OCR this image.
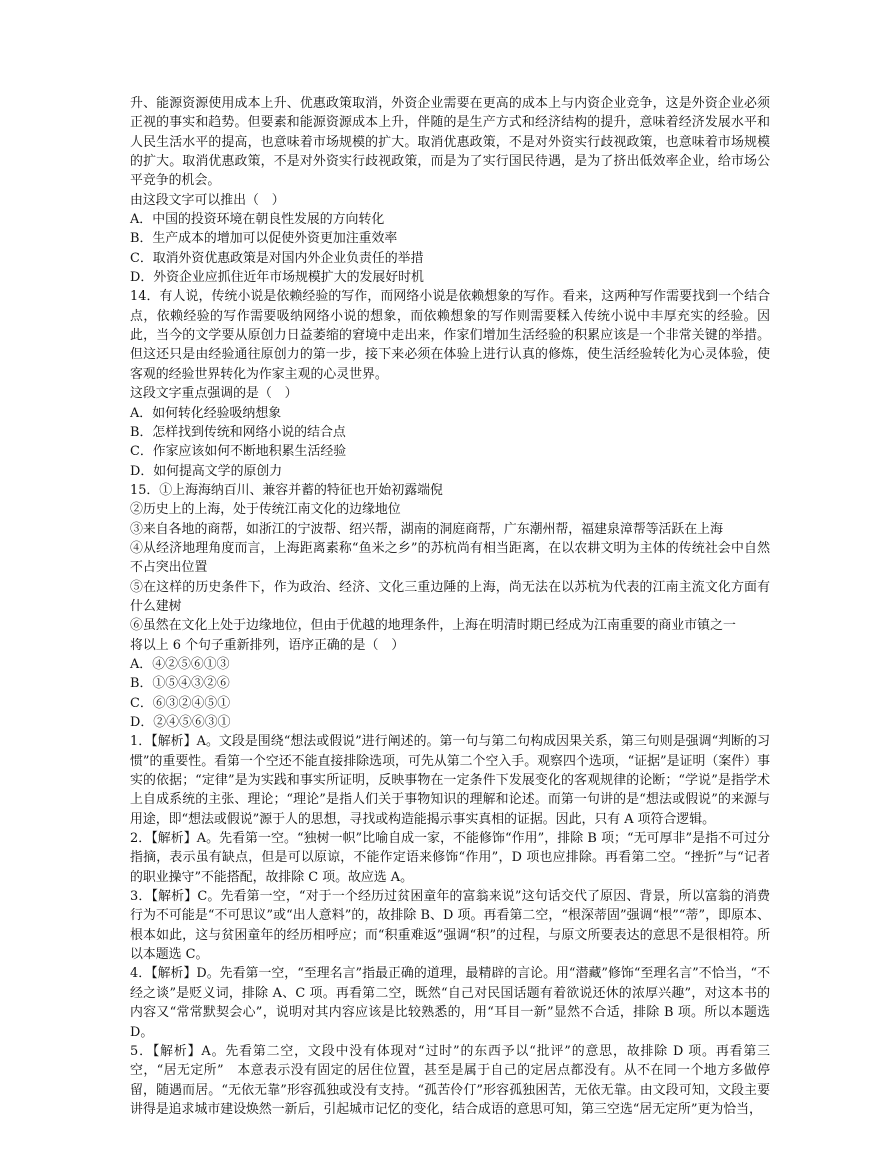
升、能源资源使用成本上升、优惠政策取消，外资企业需要在更高的成本上与内资企业竞争，这是外资企业必须正视的事实和趋势。但要素和能源资源成本上升，伴随的是生产方式和经济结构的提升，意味着经济发展水平和人民生活水平的提高，也意味着市场规模的扩大。取消优惠政策，不是对外资实行歧视政策，也意味着市场规模的扩大。取消优惠政策，不是对外资实行歧视政策，而是为了实行国民待遇，是为了挤出低效率企业，给市场公平竞争的机会。

由这段文字可以推出（　）

A．中国的投资环境在朝良性发展的方向转化

B．生产成本的增加可以促使外资更加注重效率

C．取消外资优惠政策是对国内外企业负责任的举措

D．外资企业应抓住近年市场规模扩大的发展好时机

14．有人说，传统小说是依赖经验的写作，而网络小说是依赖想象的写作。看来，这两种写作需要找到一个结合点，依赖经验的写作需要吸纳网络小说的想象，而依赖想象的写作则需要糅入传统小说中丰厚充实的经验。因此，当今的文学要从原创力日益萎缩的窘境中走出来，作家们增加生活经验的积累应该是一个非常关键的举措。但这还只是由经验通往原创力的第一步，接下来必须在体验上进行认真的修炼，使生活经验转化为心灵体验，使客观的经验世界转化为作家主观的心灵世界。

这段文字重点强调的是（　）

A．如何转化经验吸纳想象

B．怎样找到传统和网络小说的结合点

C．作家应该如何不断地积累生活经验

D．如何提高文学的原创力

15．①上海海纳百川、兼容并蓄的特征也开始初露端倪

②历史上的上海，处于传统江南文化的边缘地位

③来自各地的商帮，如浙江的宁波帮、绍兴帮，湖南的洞庭商帮，广东潮州帮，福建泉漳帮等活跃在上海

④从经济地理角度而言，上海距离素称“鱼米之乡”的苏杭尚有相当距离，在以农耕文明为主体的传统社会中自然不占突出位置

⑤在这样的历史条件下，作为政治、经济、文化三重边陲的上海，尚无法在以苏杭为代表的江南主流文化方面有什么建树

⑥虽然在文化上处于边缘地位，但由于优越的地理条件，上海在明清时期已经成为江南重要的商业市镇之一

将以上 6 个句子重新排列，语序正确的是（　）

A．④②⑤⑥①③

B．①⑤④③②⑥

C．⑥③②④⑤①

D．②④⑤⑥③①

1．【解析】A。文段是围绕“想法或假说”进行阐述的。第一句与第二句构成因果关系，第三句则是强调“判断的习惯”的重要性。看第一个空还不能直接排除选项，可先从第二个空入手。观察四个选项，“证据”是证明（案件）事实的依据；“定律”是为实践和事实所证明，反映事物在一定条件下发展变化的客观规律的论断；“学说”是指学术上自成系统的主张、理论；“理论”是指人们关于事物知识的理解和论述。而第一句讲的是“想法或假说”的来源与用途，即“想法或假说”源于人的思想，寻找或构造能揭示事实真相的证据。因此，只有 A 项符合逻辑。

2．【解析】A。先看第一空。“独树一帜”比喻自成一家，不能修饰“作用”，排除 B 项；“无可厚非”是指不可过分指摘，表示虽有缺点，但是可以原谅，不能作定语来修饰“作用”，D 项也应排除。再看第二空。“挫折”与“记者的职业操守”不能搭配，故排除 C 项。故应选 A。

3．【解析】C。先看第一空，“对于一个经历过贫困童年的富翁来说”这句话交代了原因、背景，所以富翁的消费行为不可能是“不可思议”或“出人意料”的，故排除 B、D 项。再看第二空，“根深蒂固”强调“根”“蒂”，即原本、根本如此，这与贫困童年的经历相呼应；而“积重难返”强调“积”的过程，与原文所要表达的意思不是很相符。所以本题选 C。

4．【解析】D。先看第一空，“至理名言”指最正确的道理，最精辟的言论。用“潜藏”修饰“至理名言”不恰当，“不经之谈”是贬义词，排除 A、C 项。再看第二空，既然“自己对民国话题有着欲说还休的浓厚兴趣”，对这本书的内容又“常常默契会心”，说明对其内容应该是比较熟悉的，用“耳目一新”显然不合适，排除 B 项。所以本题选 D。

5．【解析】A。先看第二空，文段中没有体现对“过时”的东西予以“批评”的意思，故排除 D 项。再看第三空，“居无定所”　本意表示没有固定的居住位置，甚至是属于自己的定居点都没有。从不在同一个地方多做停留，随遇而居。“无依无靠”形容孤独或没有支持。“孤苦伶仃”形容孤独困苦，无依无靠。由文段可知，文段主要讲得是追求城市建设焕然一新后，引起城市记忆的变化，结合成语的意思可知，第三空选“居无定所”更为恰当，
